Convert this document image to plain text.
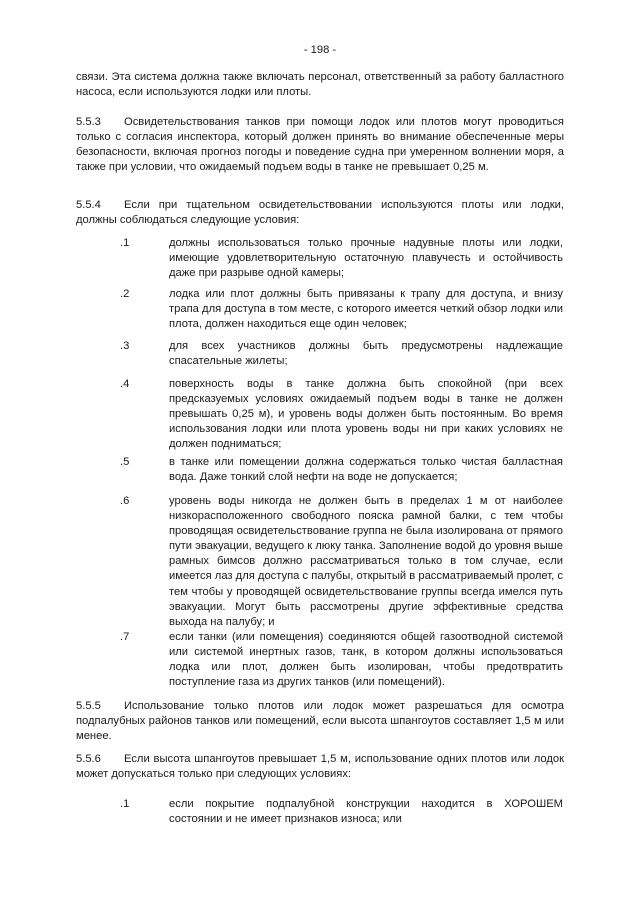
- 198 -

связи. Эта система должна также включать персонал, ответственный за работу балластного насоса, если используются лодки или плоты.

5.5.3 Освидетельствования танков при помощи лодок или плотов могут проводиться только с согласия инспектора, который должен принять во внимание обеспеченные меры безопасности, включая прогноз погоды и поведение судна при умеренном волнении моря, а также при условии, что ожидаемый подъем воды в танке не превышает 0,25 м.
5.5.4 Если при тщательном освидетельствовании используются плоты или лодки, должны соблюдаться следующие условия:
.1	должны использоваться только прочные надувные плоты или лодки, имеющие удовлетворительную остаточную плавучесть и остойчивость даже при разрыве одной камеры;
.2	лодка или плот должны быть привязаны к трапу для доступа, и внизу трапа для доступа в том месте, с которого имеется четкий обзор лодки или плота, должен находиться еще один человек;
.3	для всех участников должны быть предусмотрены надлежащие спасательные жилеты;
.4	поверхность воды в танке должна быть спокойной (при всех предсказуемых условиях ожидаемый подъем воды в танке не должен превышать 0,25 м), и уровень воды должен быть постоянным. Во время использования лодки или плота уровень воды ни при каких условиях не должен подниматься;
.5	в танке или помещении должна содержаться только чистая балластная вода. Даже тонкий слой нефти на воде не допускается;
.6	уровень воды никогда не должен быть в пределах 1 м от наиболее низкорасположенного свободного пояска рамной балки, с тем чтобы проводящая освидетельствование группа не была изолирована от прямого пути эвакуации, ведущего к люку танка. Заполнение водой до уровня выше рамных бимсов должно рассматриваться только в том случае, если имеется лаз для доступа с палубы, открытый в рассматриваемый пролет, с тем чтобы у проводящей освидетельствование группы всегда имелся путь эвакуации. Могут быть рассмотрены другие эффективные средства выхода на палубу; и
.7	если танки (или помещения) соединяются общей газоотводной системой или системой инертных газов, танк, в котором должны использоваться лодка или плот, должен быть изолирован, чтобы предотвратить поступление газа из других танков (или помещений).
5.5.5 Использование только плотов или лодок может разрешаться для осмотра подпалубных районов танков или помещений, если высота шпангоутов составляет 1,5 м или менее.
5.5.6 Если высота шпангоутов превышает 1,5 м, использование одних плотов или лодок может допускаться только при следующих условиях:
.1	если покрытие подпалубной конструкции находится в ХОРОШЕМ состоянии и не имеет признаков износа; или
